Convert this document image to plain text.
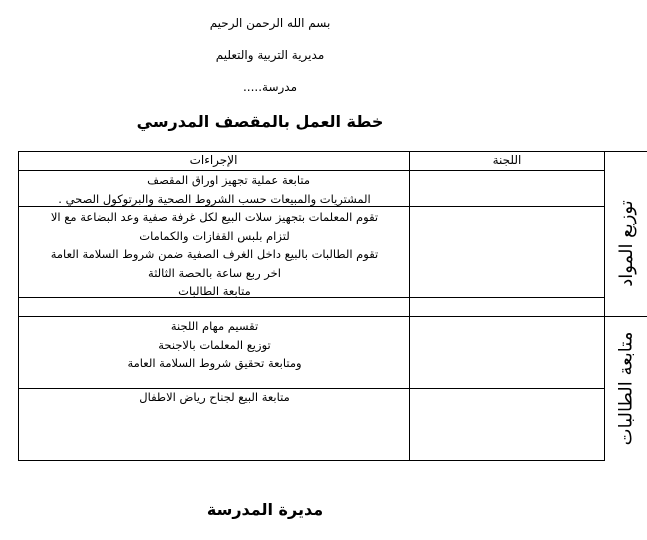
بسم الله الرحمن الرحيم
مديرية التربية والتعليم
مدرسة.....
خطة العمل بالمقصف المدرسي
الإجراءات	اللجنة
توزيع المواد
متابعة الطالبات
متابعة عملية تجهيز اوراق المقصف
المشتريات والمبيعات حسب الشروط الصحية والبرتوكول الصحي .
تقوم المعلمات بتجهيز سلات البيع لكل غرفة صفية وعد البضاعة مع الا
لتزام بلبس القفازات والكمامات
تقوم الطالبات بالبيع داخل الغرف الصفية ضمن شروط السلامة العامة
اخر ربع ساعة بالحصة الثالثة
متابعة الطالبات
تقسيم مهام اللجنة
توزيع المعلمات بالاجنحة
ومتابعة تحقيق شروط السلامة العامة
متابعة البيع لجناح رياض الاطفال
مديرة المدرسة
